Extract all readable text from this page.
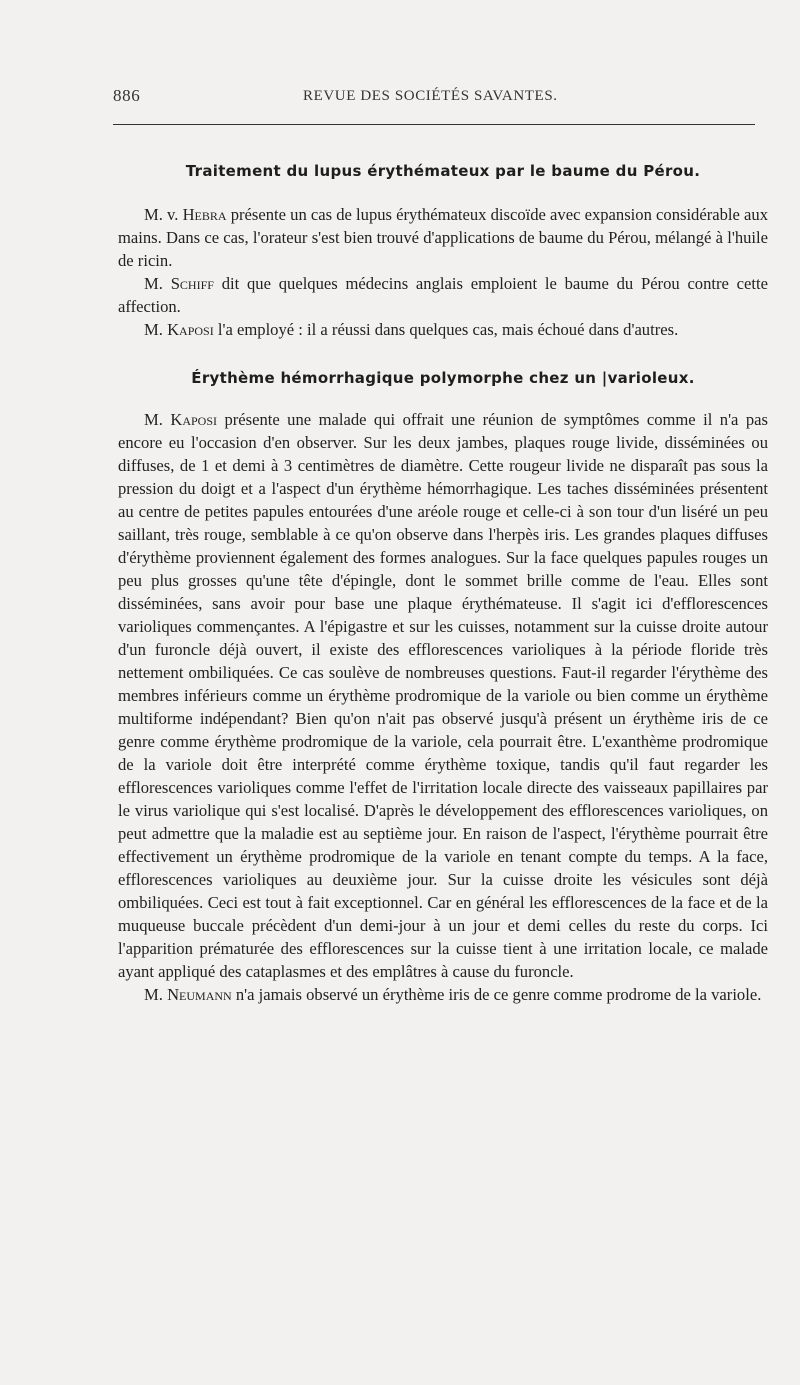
886	REVUE DES SOCIÉTÉS SAVANTES.
Traitement du lupus érythémateux par le baume du Pérou.

M. v. Hebra présente un cas de lupus érythémateux discoïde avec expansion considérable aux mains. Dans ce cas, l'orateur s'est bien trouvé d'applications de baume du Pérou, mélangé à l'huile de ricin.

M. Schiff dit que quelques médecins anglais emploient le baume du Pérou contre cette affection.

M. Kaposi l'a employé : il a réussi dans quelques cas, mais échoué dans d'autres.

Érythème hémorrhagique polymorphe chez un |varioleux.

M. Kaposi présente une malade qui offrait une réunion de symptômes comme il n'a pas encore eu l'occasion d'en observer. Sur les deux jambes, plaques rouge livide, disséminées ou diffuses, de 1 et demi à 3 centimètres de diamètre. Cette rougeur livide ne disparaît pas sous la pression du doigt et a l'aspect d'un érythème hémorrhagique. Les taches disséminées présentent au centre de petites papules entourées d'une aréole rouge et celle-ci à son tour d'un liséré un peu saillant, très rouge, semblable à ce qu'on observe dans l'herpès iris. Les grandes plaques diffuses d'érythème proviennent également des formes analogues. Sur la face quelques papules rouges un peu plus grosses qu'une tête d'épingle, dont le sommet brille comme de l'eau. Elles sont disséminées, sans avoir pour base une plaque érythémateuse. Il s'agit ici d'efflorescences varioliques commençantes. A l'épigastre et sur les cuisses, notamment sur la cuisse droite autour d'un furoncle déjà ouvert, il existe des efflorescences varioliques à la période floride très nettement ombiliquées. Ce cas soulève de nombreuses questions. Faut-il regarder l'érythème des membres inférieurs comme un érythème prodromique de la variole ou bien comme un érythème multiforme indépendant? Bien qu'on n'ait pas observé jusqu'à présent un érythème iris de ce genre comme érythème prodromique de la variole, cela pourrait être. L'exanthème prodromique de la variole doit être interprété comme érythème toxique, tandis qu'il faut regarder les efflorescences varioliques comme l'effet de l'irritation locale directe des vaisseaux papillaires par le virus variolique qui s'est localisé. D'après le développement des efflorescences varioliques, on peut admettre que la maladie est au septième jour. En raison de l'aspect, l'érythème pourrait être effectivement un érythème prodromique de la variole en tenant compte du temps. A la face, efflorescences varioliques au deuxième jour. Sur la cuisse droite les vésicules sont déjà ombiliquées. Ceci est tout à fait exceptionnel. Car en général les efflorescences de la face et de la muqueuse buccale précèdent d'un demi-jour à un jour et demi celles du reste du corps. Ici l'apparition prématurée des efflorescences sur la cuisse tient à une irritation locale, ce malade ayant appliqué des cataplasmes et des emplâtres à cause du furoncle.

M. Neumann n'a jamais observé un érythème iris de ce genre comme prodrome de la variole.
